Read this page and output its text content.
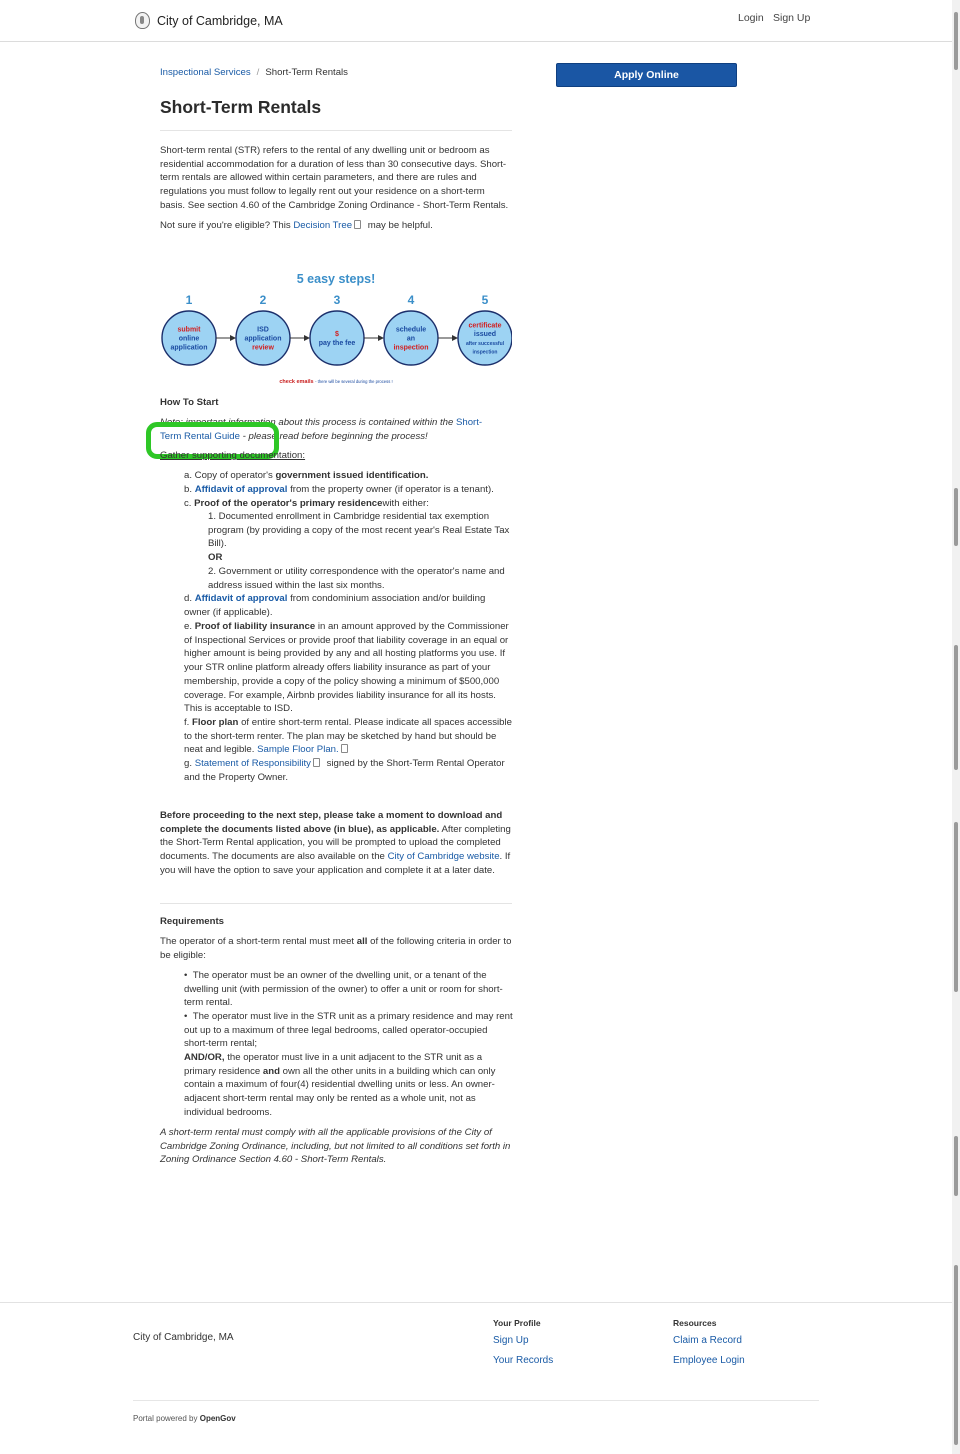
City of Cambridge, MA	Login Sign Up
Inspectional Services / Short-Term Rentals	Apply Online
Short-Term Rentals

Short-term rental (STR) refers to the rental of any dwelling unit or bedroom as residential accommodation for a duration of less than 30 consecutive days. Short-term rentals are allowed within certain parameters, and there are rules and regulations you must follow to legally rent out your residence on a short-term basis. See section 4.60 of the Cambridge Zoning Ordinance - Short-Term Rentals.

Not sure if you're eligible? This Decision Tree may be helpful.

5 easy steps!
1
submit
online
application
2
ISD
application
review
3
$
pay the fee
4
schedule
an
inspection
5
certificate
issued
after successful
inspection
check emails - there will be several during the process !
How To Start
Note: important information about this process is contained within the Short-
Term Rental Guide - please read before beginning the process!
Gather supporting documentation:
a. Copy of operator's government issued identification.
b. Affidavit of approval from the property owner (if operator is a tenant).
c. Proof of the operator's primary residencewith either:
1. Documented enrollment in Cambridge residential tax exemption program (by providing a copy of the most recent year's Real Estate Tax Bill).
OR
2. Government or utility correspondence with the operator's name and address issued within the last six months.
d. Affidavit of approval from condominium association and/or building owner (if applicable).
e. Proof of liability insurance in an amount approved by the Commissioner of Inspectional Services or provide proof that liability coverage in an equal or higher amount is being provided by any and all hosting platforms you use. If your STR online platform already offers liability insurance as part of your membership, provide a copy of the policy showing a minimum of $500,000 coverage. For example, Airbnb provides liability insurance for all its hosts. This is acceptable to ISD.
f. Floor plan of entire short-term rental. Please indicate all spaces accessible to the short-term renter. The plan may be sketched by hand but should be neat and legible. Sample Floor Plan.
g. Statement of Responsibility signed by the Short-Term Rental Operator and the Property Owner.
Before proceeding to the next step, please take a moment to download and complete the documents listed above (in blue), as applicable. After completing the Short-Term Rental application, you will be prompted to upload the completed documents. The documents are also available on the City of Cambridge website. If you will have the option to save your application and complete it at a later date.
Requirements
The operator of a short-term rental must meet all of the following criteria in order to be eligible:
•  The operator must be an owner of the dwelling unit, or a tenant of the dwelling unit (with permission of the owner) to offer a unit or room for short-term rental.
•  The operator must live in the STR unit as a primary residence and may rent out up to a maximum of three legal bedrooms, called operator-occupied short-term rental;
AND/OR, the operator must live in a unit adjacent to the STR unit as a primary residence and own all the other units in a building which can only contain a maximum of four(4) residential dwelling units or less. An owner-adjacent short-term rental may only be rented as a whole unit, not as individual bedrooms.
A short-term rental must comply with all the applicable provisions of the City of Cambridge Zoning Ordinance, including, but not limited to all conditions set forth in Zoning Ordinance Section 4.60 - Short-Term Rentals.
City of Cambridge, MA
Your Profile
Sign Up
Your Records
Resources
Claim a Record
Employee Login
Portal powered by OpenGov
